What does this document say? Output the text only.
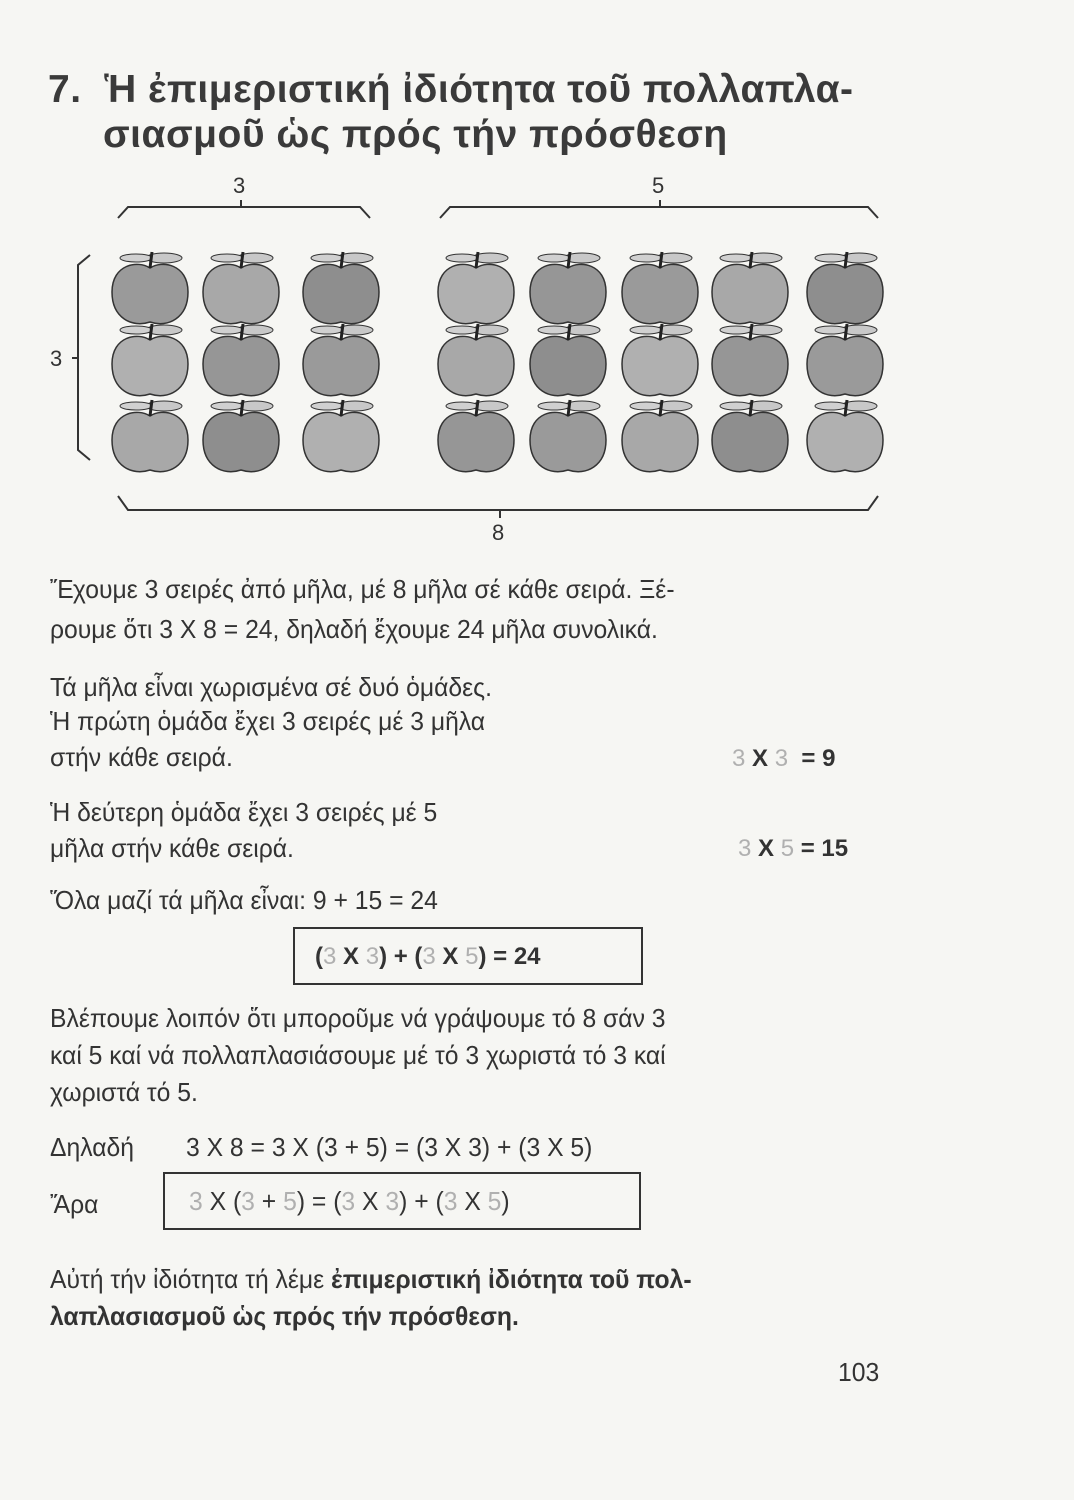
7. Ἡ ἐπιμεριστική ἰδιότητα τοῦ πολλαπλα-
σιασμοῦ ὡς πρός τήν πρόσθεση
3	5
3
8
Ἔχουμε 3 σειρές ἀπό μῆλα, μέ 8 μῆλα σέ κάθε σειρά. Ξέ-
ρουμε ὅτι 3 Χ 8 = 24, δηλαδή ἔχουμε 24 μῆλα συνολικά.
Τά μῆλα εἶναι χωρισμένα σέ δυό ὁμάδες.
Ἡ πρώτη ὁμάδα ἔχει 3 σειρές μέ 3 μῆλα
στήν κάθε σειρά.	3 X 3 = 9
Ἡ δεύτερη ὁμάδα ἔχει 3 σειρές μέ 5
μῆλα στήν κάθε σειρά.	3 X 5 = 15
Ὅλα μαζί τά μῆλα εἶναι: 9 + 15 = 24
(3 X 3) + (3 X 5) = 24
Βλέπουμε λοιπόν ὅτι μποροῦμε νά γράψουμε τό 8 σάν 3
καί 5 καί νά πολλαπλασιάσουμε μέ τό 3 χωριστά τό 3 καί
χωριστά τό 5.
Δηλαδή 3 Χ 8 = 3 Χ (3 + 5) = (3 Χ 3) + (3 Χ 5)
Ἄρα	3 X (3 + 5) = (3 X 3) + (3 X 5)
Αὐτή τήν ἰδιότητα τή λέμε ἐπιμεριστική ἰδιότητα τοῦ πολ-
λαπλασιασμοῦ ὡς πρός τήν πρόσθεση.
103
